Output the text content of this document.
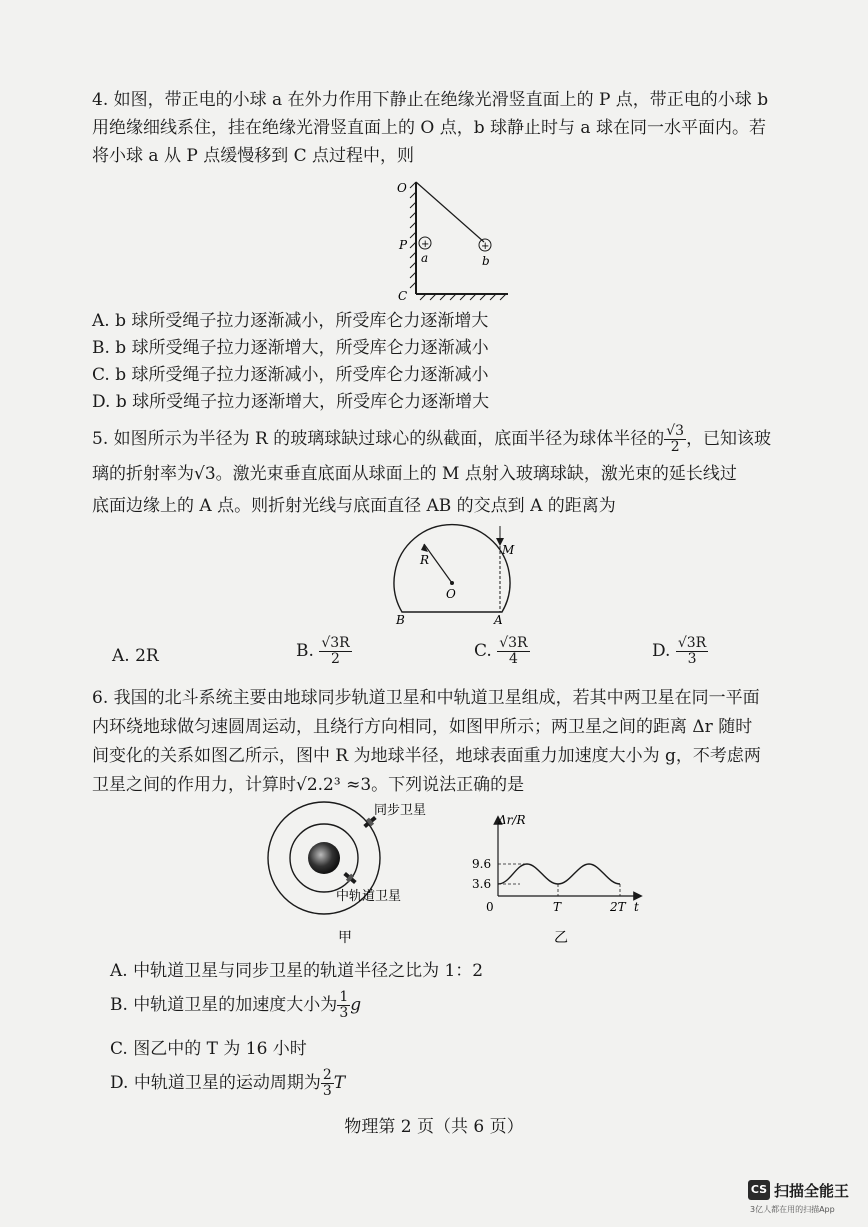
4. 如图，带正电的小球 a 在外力作用下静止在绝缘光滑竖直面上的 P 点，带正电的小球 b
用绝缘细线系住，挂在绝缘光滑竖直面上的 O 点，b 球静止时与 a 球在同一水平面内。若
将小球 a 从 P 点缓慢移到 C 点过程中，则
+	+
O
P
a	b
C
A. b 球所受绳子拉力逐渐减小，所受库仑力逐渐增大
B. b 球所受绳子拉力逐渐增大，所受库仑力逐渐减小
C. b 球所受绳子拉力逐渐减小，所受库仑力逐渐减小
D. b 球所受绳子拉力逐渐增大，所受库仑力逐渐增大
5. 如图所示为半径为 R 的玻璃球缺过球心的纵截面，底面半径为球体半径的 $\frac{√3}{2}$ ，已知该玻
璃的折射率为√3。激光束垂直底面从球面上的 M 点射入玻璃球缺，激光束的延长线过
底面边缘上的 A 点。则折射光线与底面直径 AB 的交点到 A 的距离为
R
O
M
A
B
A. 2R	B. $\frac{√3R}{2}$	C. $\frac{√3R}{4}$	D. $\frac{√3R}{3}$
6. 我国的北斗系统主要由地球同步轨道卫星和中轨道卫星组成，若其中两卫星在同一平面
内环绕地球做匀速圆周运动，且绕行方向相同，如图甲所示；两卫星之间的距离 Δr 随时
间变化的关系如图乙所示，图中 R 为地球半径，地球表面重力加速度大小为 g，不考虑两
卫星之间的作用力，计算时√2.2³ ≈3。下列说法正确的是
同步卫星
中轨道卫星
甲
Δr/R
9.6
3.6
0	T	2T t
乙
A. 中轨道卫星与同步卫星的轨道半径之比为 1：2
B. 中轨道卫星的加速度大小为 $\frac{1}{3}$ g
C. 图乙中的 T 为 16 小时
D. 中轨道卫星的运动周期为 $\frac{2}{3}$ T
物理第 2 页（共 6 页）
CS 扫描全能王
3亿人都在用的扫描App
